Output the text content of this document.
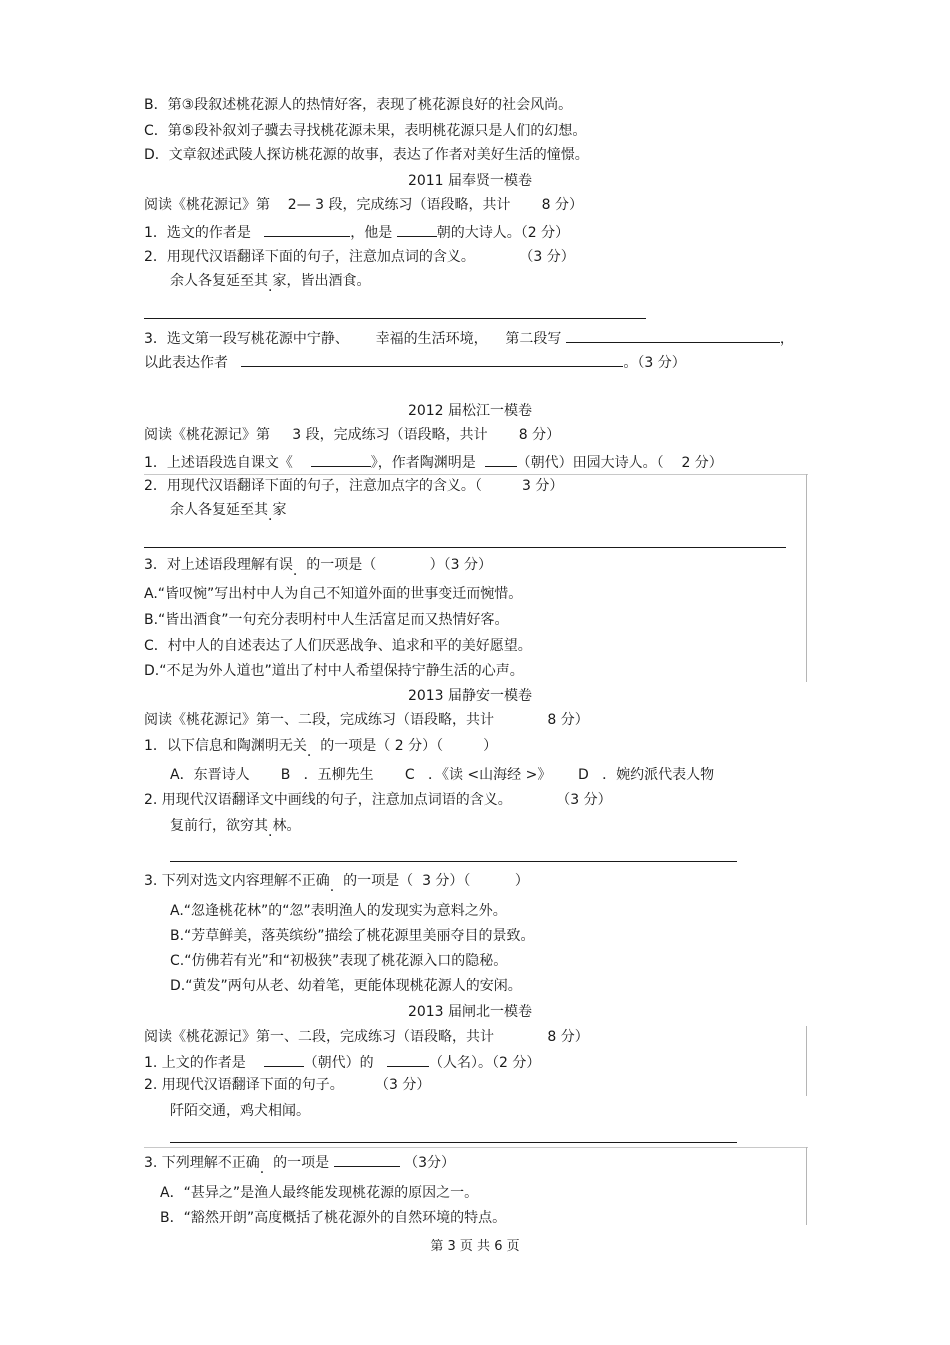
B．第③段叙述桃花源人的热情好客，表现了桃花源良好的社会风尚。
C．第⑤段补叙刘子骥去寻找桃花源未果，表明桃花源只是人们的幻想。
D．文章叙述武陵人探访桃花源的故事，表达了作者对美好生活的憧憬。
2011 届奉贤一模卷
阅读《桃花源记》第    2— 3 段，完成练习（语段略，共计       8 分）
1．选文的作者是	，他是	朝的大诗人。（2 分）
2．用现代汉语翻译下面的句子，注意加点词的含义。          （3 分）
余人各复延至其 · 家，皆出酒食。
3．选文第一段写桃花源中宁静、      幸福的生活环境，    第二段写	，
以此表达作者	。（3 分）
2012 届松江一模卷
阅读《桃花源记》第     3 段，完成练习（语段略，共计       8 分）
1．上述语段选自课文《	》，作者陶渊明是	（朝代）田园大诗人。（    2 分）
2．用现代汉语翻译下面的句子，注意加点字的含义。（         3 分）
余人各复延至其 · 家
3．对上述语段理解有误 · 的一项是（            ）（3 分）
A.“皆叹惋”写出村中人为自己不知道外面的世事变迁而惋惜。
B.“皆出酒食”一句充分表明村中人生活富足而又热情好客。
C．村中人的自述表达了人们厌恶战争、追求和平的美好愿望。
D.“不足为外人道也”道出了村中人希望保持宁静生活的心声。
2013 届静安一模卷
阅读《桃花源记》第一、二段，完成练习（语段略，共计            8 分）
1．以下信息和陶渊明无关 · 的一项是（ 2 分）（         ）
A．东晋诗人       B   ．五柳先生       C   ．《读 <山海经 >》      D   ．婉约派代表人物
2. 用现代汉语翻译文中画线的句子，注意加点词语的含义。          （3 分）
复前行，欲穷其 · 林。
3. 下列对选文内容理解不正确 · 的一项是（  3 分）（          ）
A.“忽逢桃花林”的“忽”表明渔人的发现实为意料之外。
B.“芳草鲜美，落英缤纷”描绘了桃花源里美丽夺目的景致。
C.“仿佛若有光”和“初极狭”表现了桃花源入口的隐秘。
D.“黄发”两句从老、幼着笔，更能体现桃花源人的安闲。
2013 届闸北一模卷
阅读《桃花源记》第一、二段，完成练习（语段略，共计            8 分）
1. 上文的作者是	（朝代）的	（人名）。（2 分）
2. 用现代汉语翻译下面的句子。       （3 分）
阡陌交通，鸡犬相闻。
3. 下列理解不正确 · 的一项是	（3分）
A．“甚异之”是渔人最终能发现桃花源的原因之一。
B．“豁然开朗”高度概括了桃花源外的自然环境的特点。
第 3 页 共 6 页
